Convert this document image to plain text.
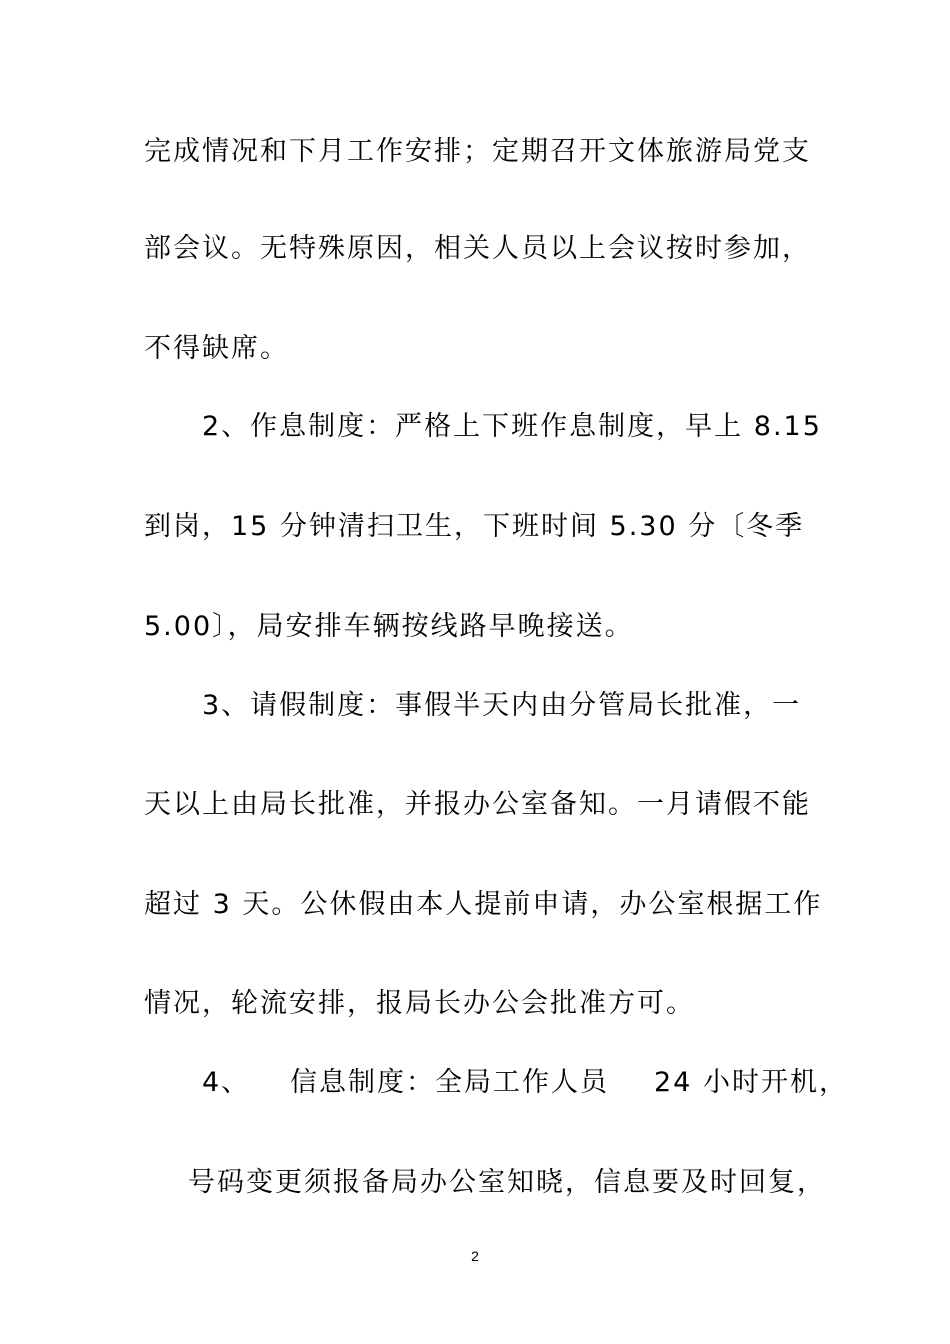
完成情况和下月工作安排；定期召开文体旅游局党支

部会议。无特殊原因，相关人员以上会议按时参加，

不得缺席。

2、作息制度：严格上下班作息制度，早上 8.15

到岗，15 分钟清扫卫生，下班时间 5.30 分〔冬季

5.00〕，局安排车辆按线路早晚接送。

3、请假制度：事假半天内由分管局长批准，一

天以上由局长批准，并报办公室备知。一月请假不能

超过 3 天。公休假由本人提前申请，办公室根据工作

情况，轮流安排，报局长办公会批准方可。

4、

信息制度：全局工作人员

24 小时开机，

号码变更须报备局办公室知晓，信息要及时回复，

2
